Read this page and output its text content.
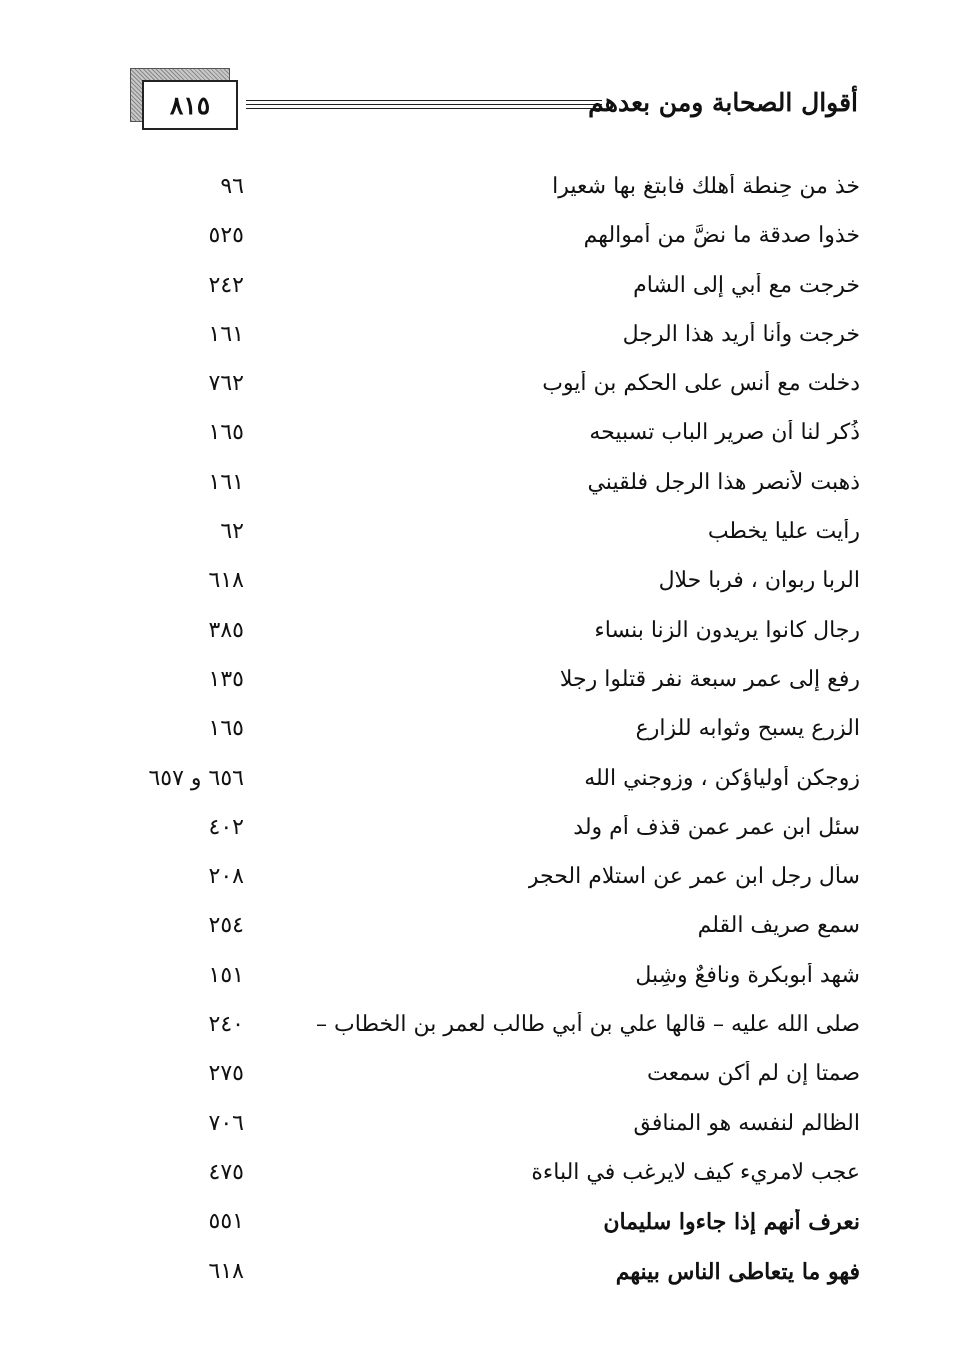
٨١٥	أقوال الصحابة ومن بعدهم
خذ من حِنطة أهلك فابتغِ بها شعيرا
٩٦
خذوا صدقة ما نضَّ من أموالهم
٥٢٥
خرجت مع أبي إلى الشام
٢٤٢
خرجت وأنا أريد هذا الرجل
١٦١
دخلت مع أنس على الحكم بن أيوب
٧٦٢
ذُكر لنا أن صرير الباب تسبيحه
١٦٥
ذهبت لأنصر هذا الرجل فلقيني
١٦١
رأيت عليا يخطب
٦٢
الربا ربوان ، فربا حلال
٦١٨
رجال كانوا يريدون الزنا بنساء
٣٨٥
رفع إلى عمر سبعة نفر قتلوا رجلا
١٣٥
الزرع يسبح وثوابه للزارع
١٦٥
زوجكن أولياؤكن ، وزوجني الله
٦٥٦ و ٦٥٧
سئل ابن عمر عمن قذف أم ولد
٤٠٢
سأل رجل ابن عمر عن استلام الحجر
٢٠٨
سمع صريف القلم
٢٥٤
شهد أبوبكرة ونافعٌ وشِبل
١٥١
صلى الله عليه – قالها علي بن أبي طالب لعمر بن الخطاب –
٢٤٠
صمتا إن لم أكن سمعت
٢٧٥
الظالم لنفسه هو المنافق
٧٠٦
عجب لامريء كيف لايرغب في الباءة
٤٧٥
نعرف أنهم إذا جاءوا سليمان
٥٥١
فهو ما يتعاطى الناس بينهم
٦١٨
